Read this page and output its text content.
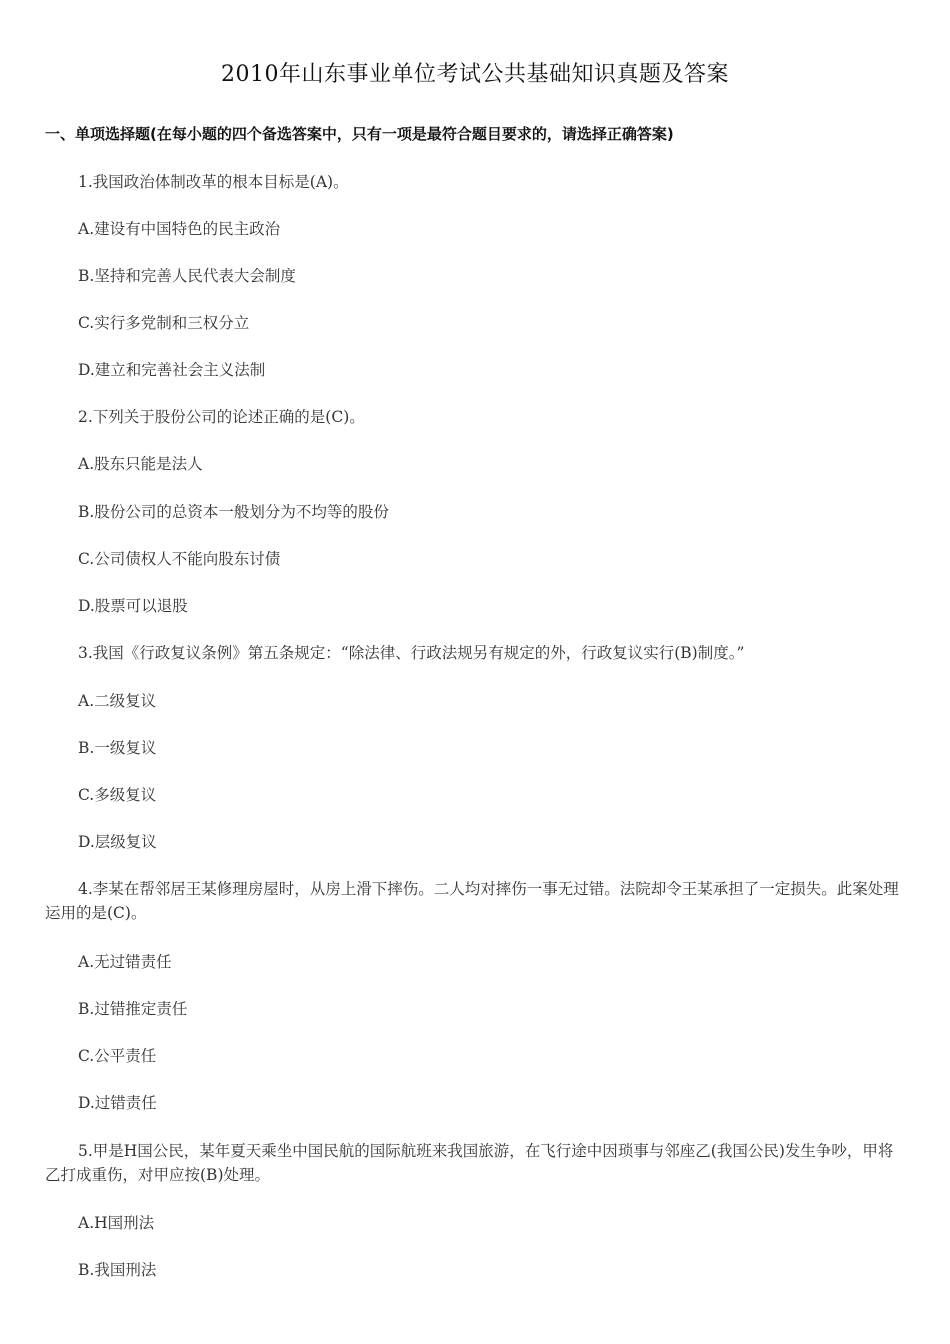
2010年山东事业单位考试公共基础知识真题及答案
一、单项选择题(在每小题的四个备选答案中，只有一项是最符合题目要求的，请选择正确答案)
1.我国政治体制改革的根本目标是(A)。
A.建设有中国特色的民主政治
B.坚持和完善人民代表大会制度
C.实行多党制和三权分立
D.建立和完善社会主义法制
2.下列关于股份公司的论述正确的是(C)。
A.股东只能是法人
B.股份公司的总资本一般划分为不均等的股份
C.公司债权人不能向股东讨债
D.股票可以退股
3.我国《行政复议条例》第五条规定：“除法律、行政法规另有规定的外，行政复议实行(B)制度。”
A.二级复议
B.一级复议
C.多级复议
D.层级复议
4.李某在帮邻居王某修理房屋时，从房上滑下摔伤。二人均对摔伤一事无过错。法院却令王某承担了一定损失。此案处理运用的是(C)。
A.无过错责任
B.过错推定责任
C.公平责任
D.过错责任
5.甲是H国公民，某年夏天乘坐中国民航的国际航班来我国旅游，在飞行途中因琐事与邻座乙(我国公民)发生争吵，甲将乙打成重伤，对甲应按(B)处理。
A.H国刑法
B.我国刑法
